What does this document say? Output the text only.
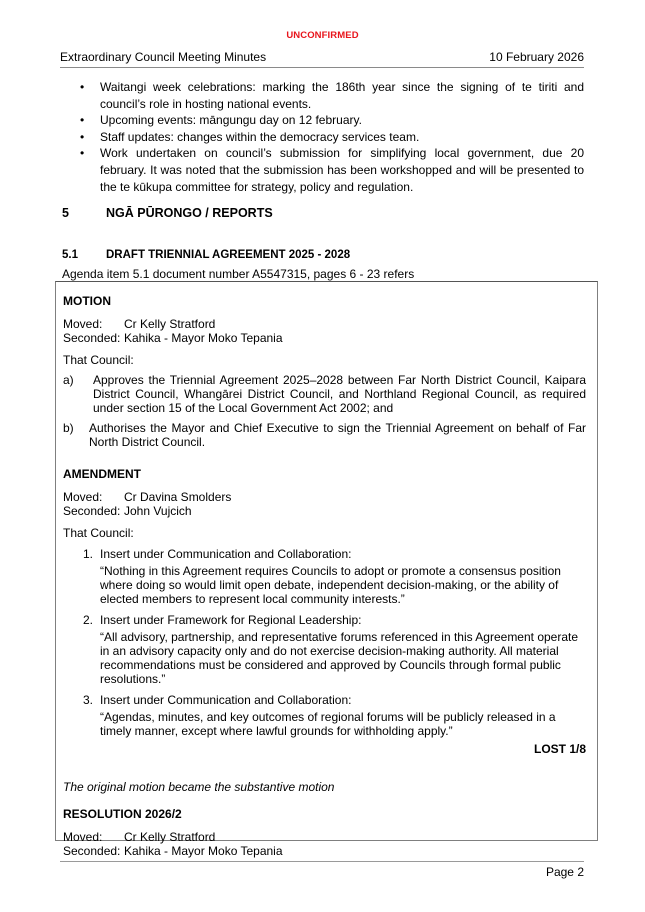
UNCONFIRMED
Extraordinary Council Meeting Minutes	10 February 2026
• Waitangi week celebrations: marking the 186th year since the signing of te tiriti and council’s role in hosting national events.
• Upcoming events: māngungu day on 12 february.
• Staff updates: changes within the democracy services team.
• Work undertaken on council’s submission for simplifying local government, due 20 february. It was noted that the submission has been workshopped and will be presented to the te kūkupa committee for strategy, policy and regulation.
5	NGĀ PŪRONGO / REPORTS
5.1	DRAFT TRIENNIAL AGREEMENT 2025 - 2028
Agenda item 5.1 document number A5547315, pages 6 - 23 refers
MOTION
Moved:	Cr Kelly Stratford
Seconded: Kahika - Mayor Moko Tepania
That Council:
a) Approves the Triennial Agreement 2025–2028 between Far North District Council, Kaipara District Council, Whangārei District Council, and Northland Regional Council, as required under section 15 of the Local Government Act 2002; and
b) Authorises the Mayor and Chief Executive to sign the Triennial Agreement on behalf of Far North District Council.
AMENDMENT
Moved:	Cr Davina Smolders
Seconded: John Vujcich
That Council:
1. Insert under Communication and Collaboration:
“Nothing in this Agreement requires Councils to adopt or promote a consensus position where doing so would limit open debate, independent decision-making, or the ability of elected members to represent local community interests.”
2. Insert under Framework for Regional Leadership:
“All advisory, partnership, and representative forums referenced in this Agreement operate in an advisory capacity only and do not exercise decision-making authority. All material recommendations must be considered and approved by Councils through formal public resolutions.”
3. Insert under Communication and Collaboration:
“Agendas, minutes, and key outcomes of regional forums will be publicly released in a timely manner, except where lawful grounds for withholding apply.”
LOST 1/8
The original motion became the substantive motion
RESOLUTION 2026/2
Moved:	Cr Kelly Stratford
Seconded: Kahika - Mayor Moko Tepania
Page 2
